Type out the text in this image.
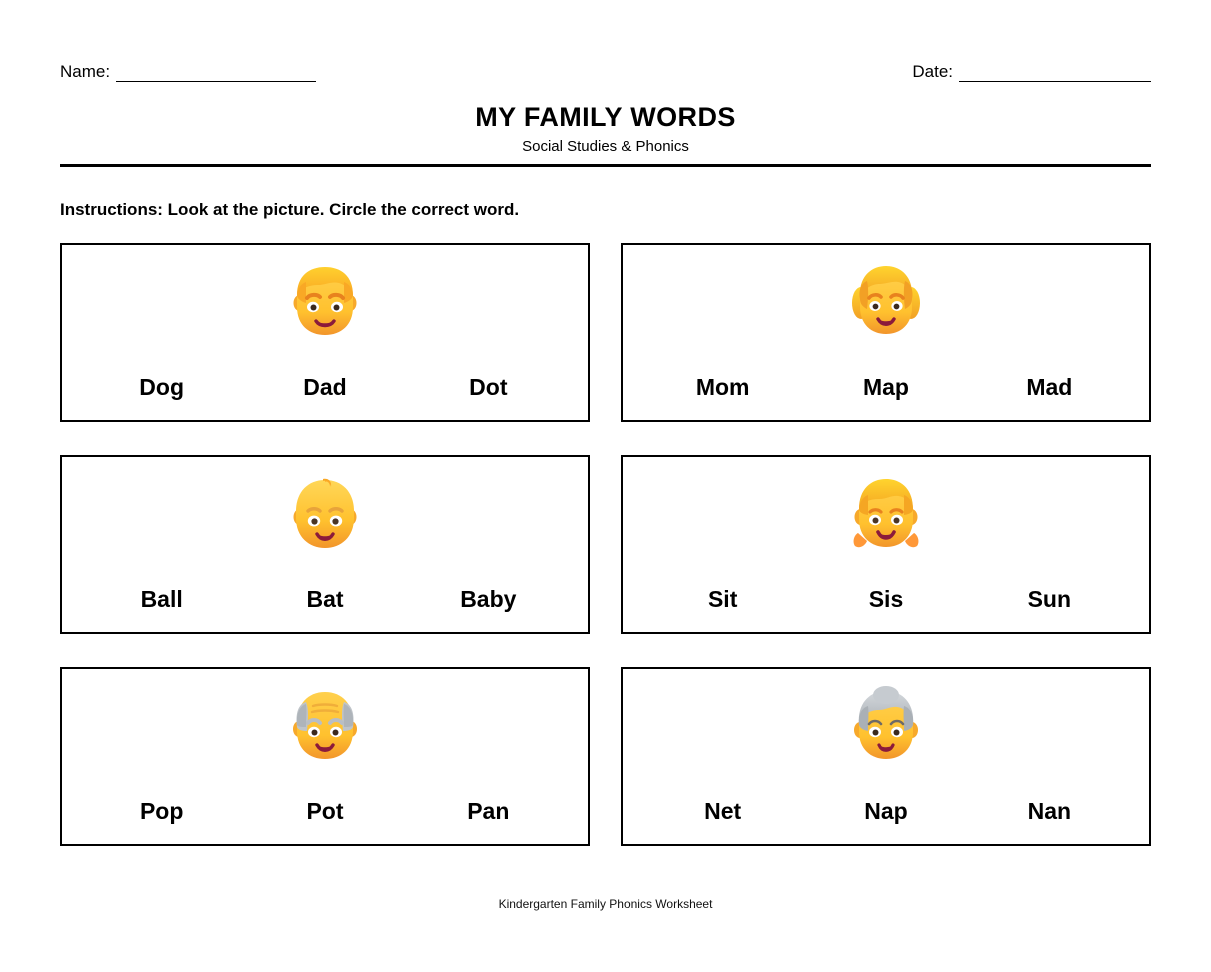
Name:	Date:
MY FAMILY WORDS
Social Studies & Phonics
Instructions: Look at the picture. Circle the correct word.
Dog	Dad	Dot	Mom	Map	Mad
Ball	Bat	Baby	Sit	Sis	Sun
Pop	Pot	Pan	Net	Nap	Nan
Kindergarten Family Phonics Worksheet
